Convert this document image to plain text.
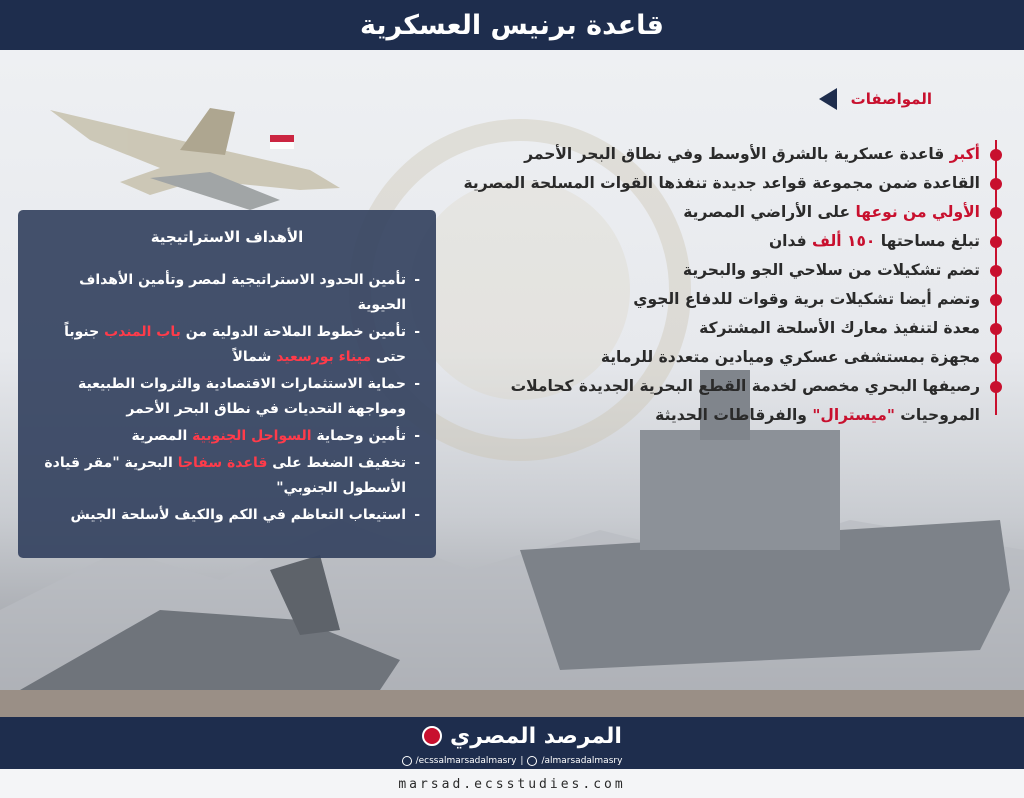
قاعدة برنيس العسكرية
المواصفات
أكبر قاعدة عسكرية بالشرق الأوسط وفي نطاق البحر الأحمر
القاعدة ضمن مجموعة قواعد جديدة تنفذها القوات المسلحة المصرية
الأولي من نوعها على الأراضي المصرية
تبلغ مساحتها ١٥٠ ألف فدان
تضم تشكيلات من سلاحي الجو والبحرية
وتضم أيضا تشكيلات برية وقوات للدفاع الجوي
معدة لتنفيذ معارك الأسلحة المشتركة
مجهزة بمستشفى عسكري وميادين متعددة للرماية
رصيفها البحري مخصص لخدمة القطع البحرية الجديدة كحاملات المروحيات "ميسترال" والفرقاطات الحديثة
الأهداف الاستراتيجية
- تأمين الحدود الاستراتيجية لمصر وتأمين الأهداف الحيوية
- تأمين خطوط الملاحة الدولية من باب المندب جنوباً حتى ميناء بورسعيد شمالاً
- حماية الاستثمارات الاقتصادية والثروات الطبيعية ومواجهة التحديات في نطاق البحر الأحمر
- تأمين وحماية السواحل الجنوبية المصرية
- تخفيف الضغط على قاعدة سفاجا البحرية "مقر قيادة الأسطول الجنوبي"
- استيعاب التعاظم في الكم والكيف لأسلحة الجيش
المرصد المصري
/ecssalmarsadalmasry | /almarsadalmasry
marsad.ecsstudies.com
